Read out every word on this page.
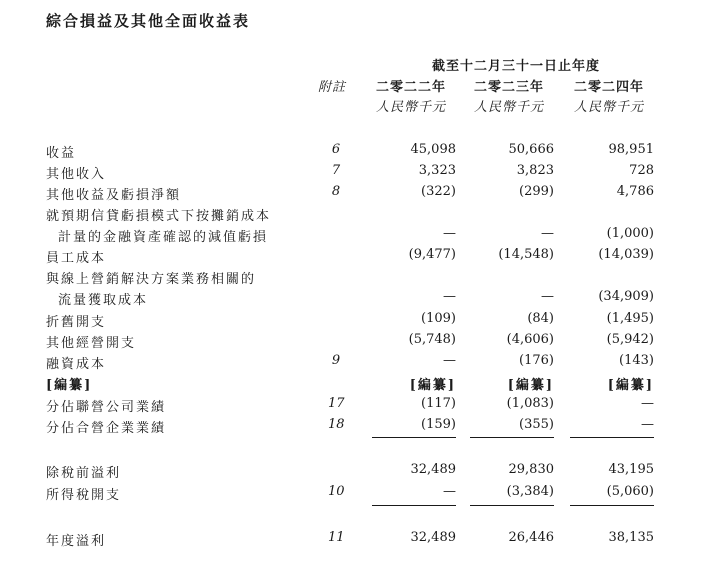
綜合損益及其他全面收益表
截至十二月三十一日止年度
附註	二零二二年	二零二三年	二零二四年
人民幣千元	人民幣千元	人民幣千元
收益	6	45,098	50,666	98,951
其他收入	7	3,323	3,823	728
其他收益及虧損淨額	8	(322)	(299)	4,786
就預期信貸虧損模式下按攤銷成本
計量的金融資產確認的減值虧損	—	—	(1,000)
員工成本	(9,477)	(14,548)	(14,039)
與線上營銷解決方案業務相關的
流量獲取成本	—	—	(34,909)
折舊開支	(109)	(84)	(1,495)
其他經營開支	(5,748)	(4,606)	(5,942)
融資成本	9	—	(176)	(143)
[編纂]	[編纂]	[編纂]	[編纂]
分佔聯營公司業績	17	(117)	(1,083)	—
分佔合營企業業績	18	(159)	(355)	—
除稅前溢利	32,489	29,830	43,195
所得稅開支	10	—	(3,384)	(5,060)
年度溢利	11	32,489	26,446	38,135
